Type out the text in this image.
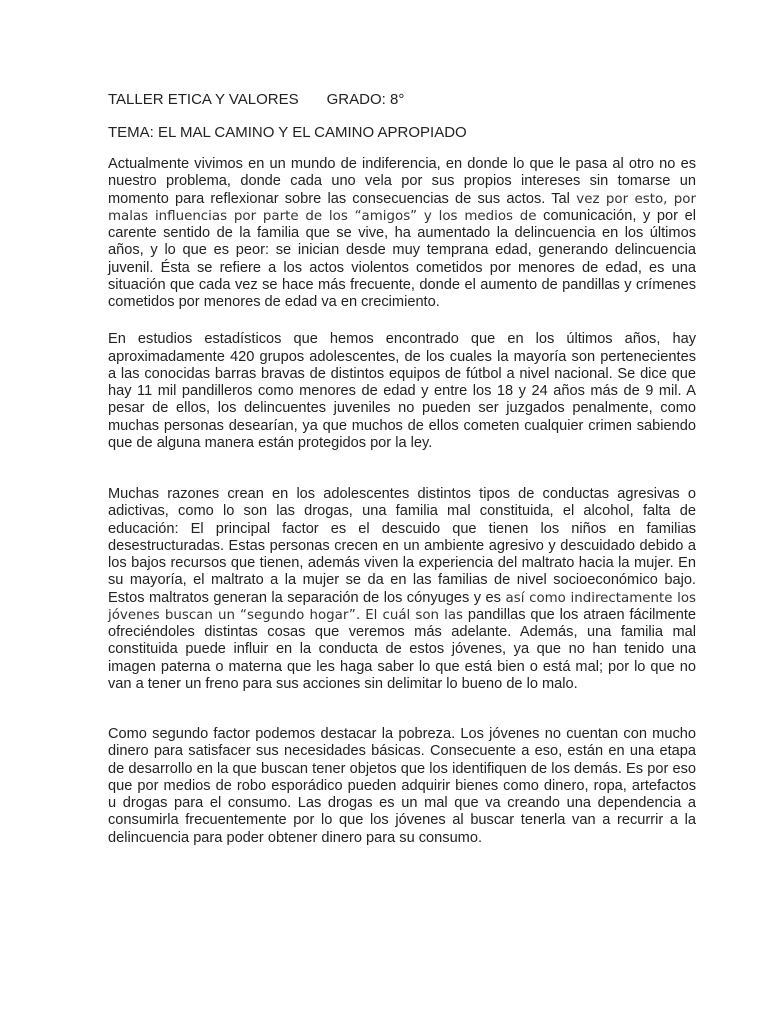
TALLER ETICA Y VALORES GRADO: 8°
TEMA: EL MAL CAMINO Y EL CAMINO APROPIADO

Actualmente vivimos en un mundo de indiferencia, en donde lo que le pasa al otro no es nuestro problema, donde cada uno vela por sus propios intereses sin tomarse un momento para reflexionar sobre las consecuencias de sus actos. Tal vez por esto, por malas influencias por parte de los “amigos” y los medios de comunicación, y por el carente sentido de la familia que se vive, ha aumentado la delincuencia en los últimos años, y lo que es peor: se inician desde muy temprana edad, generando delincuencia juvenil. Ésta se refiere a los actos violentos cometidos por menores de edad, es una situación que cada vez se hace más frecuente, donde el aumento de pandillas y crímenes cometidos por menores de edad va en crecimiento.

En estudios estadísticos que hemos encontrado que en los últimos años, hay aproximadamente 420 grupos adolescentes, de los cuales la mayoría son pertenecientes a las conocidas barras bravas de distintos equipos de fútbol a nivel nacional. Se dice que hay 11 mil pandilleros como menores de edad y entre los 18 y 24 años más de 9 mil. A pesar de ellos, los delincuentes juveniles no pueden ser juzgados penalmente, como muchas personas desearían, ya que muchos de ellos cometen cualquier crimen sabiendo que de alguna manera están protegidos por la ley.

Muchas razones crean en los adolescentes distintos tipos de conductas agresivas o adictivas, como lo son las drogas, una familia mal constituida, el alcohol, falta de educación: El principal factor es el descuido que tienen los niños en familias desestructuradas. Estas personas crecen en un ambiente agresivo y descuidado debido a los bajos recursos que tienen, además viven la experiencia del maltrato hacia la mujer. En su mayoría, el maltrato a la mujer se da en las familias de nivel socioeconómico bajo. Estos maltratos generan la separación de los cónyuges y es así como indirectamente los jóvenes buscan un “segundo hogar”. El cuál son las pandillas que los atraen fácilmente ofreciéndoles distintas cosas que veremos más adelante. Además, una familia mal constituida puede influir en la conducta de estos jóvenes, ya que no han tenido una imagen paterna o materna que les haga saber lo que está bien o está mal; por lo que no van a tener un freno para sus acciones sin delimitar lo bueno de lo malo.

Como segundo factor podemos destacar la pobreza. Los jóvenes no cuentan con mucho dinero para satisfacer sus necesidades básicas. Consecuente a eso, están en una etapa de desarrollo en la que buscan tener objetos que los identifiquen de los demás. Es por eso que por medios de robo esporádico pueden adquirir bienes como dinero, ropa, artefactos u drogas para el consumo. Las drogas es un mal que va creando una dependencia a consumirla frecuentemente por lo que los jóvenes al buscar tenerla van a recurrir a la delincuencia para poder obtener dinero para su consumo.
